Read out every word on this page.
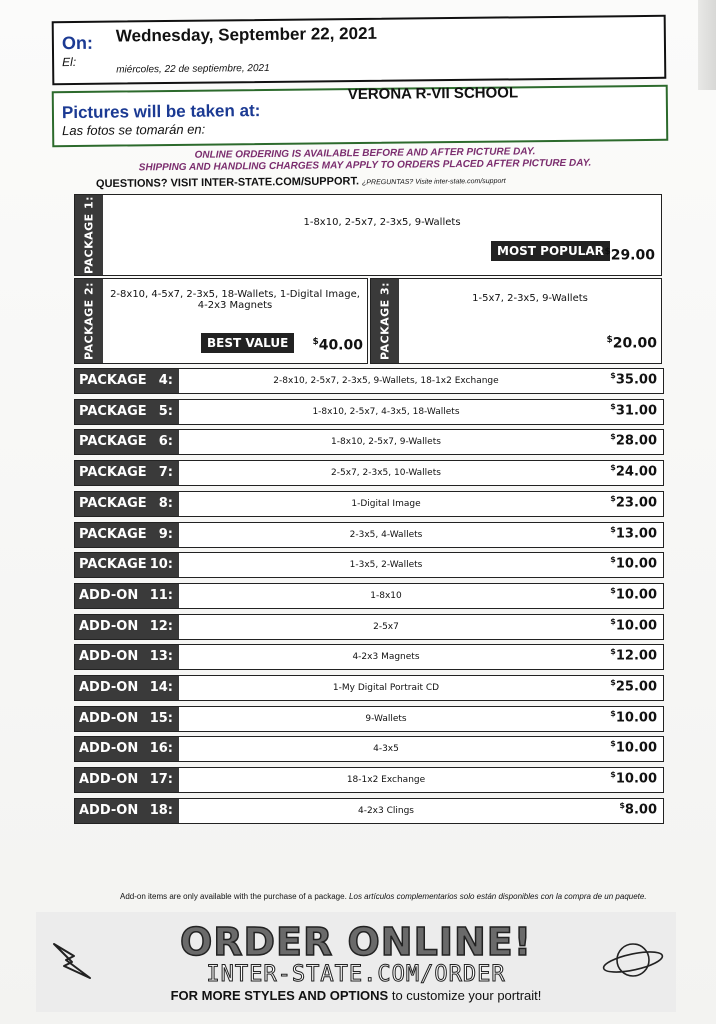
On: Wednesday, September 22, 2021
El:
miércoles, 22 de septiembre, 2021
Pictures will be taken at:
VERONA R-VII SCHOOL
Las fotos se tomarán en:
ONLINE ORDERING IS AVAILABLE BEFORE AND AFTER PICTURE DAY.
SHIPPING AND HANDLING CHARGES MAY APPLY TO ORDERS PLACED AFTER PICTURE DAY.
QUESTIONS? VISIT INTER-STATE.COM/SUPPORT. ¿PREGUNTAS? Visite inter-state.com/support
PACKAGE 1:	1-8x10, 2-5x7, 2-3x5, 9-Wallets
MOST POPULAR $29.00
PACKAGE 2:	2-8x10, 4-5x7, 2-3x5, 18-Wallets, 1-Digital Image,
4-2x3 Magnets
BEST VALUE	$40.00 PACKAGE 3:	1-5x7, 2-3x5, 9-Wallets
$20.00
PACKAGE 4:	2-8x10, 2-5x7, 2-3x5, 9-Wallets, 18-1x2 Exchange
$35.00
PACKAGE 5:	1-8x10, 2-5x7, 4-3x5, 18-Wallets
$31.00
PACKAGE 6:	1-8x10, 2-5x7, 9-Wallets
$28.00
PACKAGE 7:	2-5x7, 2-3x5, 10-Wallets
$24.00
PACKAGE 8:	1-Digital Image
$23.00
PACKAGE 9:	2-3x5, 4-Wallets
$13.00
PACKAGE 10:	1-3x5, 2-Wallets
$10.00
ADD-ON 11:	1-8x10
$10.00
ADD-ON 12:	2-5x7
$10.00
ADD-ON 13:	4-2x3 Magnets
$12.00
ADD-ON 14:	1-My Digital Portrait CD
$25.00
ADD-ON 15:	9-Wallets
$10.00
ADD-ON 16:	4-3x5
$10.00
ADD-ON 17:	18-1x2 Exchange
$10.00
ADD-ON 18:	4-2x3 Clings
$8.00
Add-on items are only available with the purchase of a package. Los artículos complementarios solo están disponibles con la compra de un paquete.
ORDER ONLINE!
INTER-STATE.COM/ORDER
FOR MORE STYLES AND OPTIONS to customize your portrait!
